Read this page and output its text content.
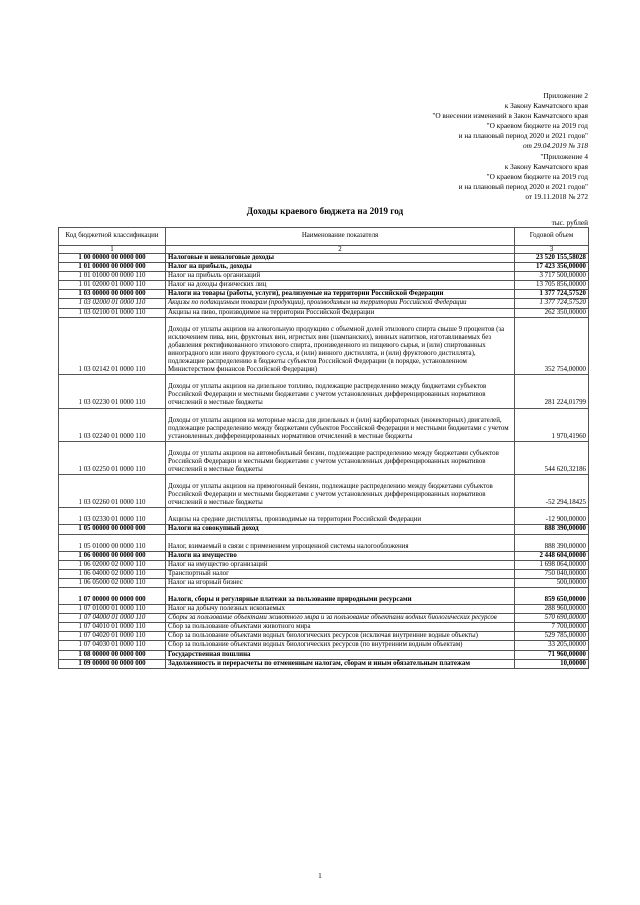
Приложение 2
к Закону Камчатского края
"О внесении изменений в Закон Камчатского края
"О краевом бюджете на 2019 год
и на плановый период 2020 и 2021 годов"
от 29.04.2019 № 318
"Приложение 4
к Закону Камчатского края
"О краевом бюджете на 2019 год
и на плановый период 2020 и 2021 годов"
от 19.11.2018 № 272
Доходы краевого бюджета на 2019 год
тыс. рублей
Код бюджетной классификации	Наименование показателя	Годовой объем
1	2	3
1 00 00000 00 0000 000	Налоговые и неналоговые доходы	23 520 155,58028
1 01 00000 00 0000 000	Налог на прибыль, доходы	17 423 356,00000
1 01 01000 00 0000 110	Налог на прибыль организаций	3 717 500,00000
1 01 02000 01 0000 110	Налог на доходы физических лиц	13 705 856,00000
1 03 00000 00 0000 000	Налоги на товары (работы, услуги), реализуемые на территории Российской Федерации	1 377 724,57520
1 03 02000 01 0000 110	Акцизы по подакцизным товарам (продукции), производимым на территории Российской Федерации	1 377 724,57520
1 03 02100 01 0000 110	Акцизы на пиво, производимое на территории Российской Федерации	262 350,00000
1 03 02142 01 0000 110	Доходы от уплаты акцизов на алкогольную продукцию с объемной долей этилового спирта свыше 9 процентов (за исключением пива, вин, фруктовых вин, игристых вин (шампанских), винных напитков, изготавливаемых без добавления ректификованного этилового спирта, произведенного из пищевого сырья, и (или) спиртованных виноградного или иного фруктового сусла, и (или) винного дистиллята, и (или) фруктового дистиллята), подлежащие распределению в бюджеты субъектов Российской Федерации (в порядке, установленном Министерством финансов Российской Федерации)	352 754,00000
1 03 02230 01 0000 110	Доходы от уплаты акцизов на дизельное топливо, подлежащие распределению между бюджетами субъектов Российской Федерации и местными бюджетами с учетом установленных дифференцированных нормативов отчислений в местные бюджеты	281 224,01799
1 03 02240 01 0000 110	Доходы от уплаты акцизов на моторные масла для дизельных и (или) карбюраторных (инжекторных) двигателей, подлежащие распределению между бюджетами субъектов Российской Федерации и местными бюджетами с учетом установленных дифференцированных нормативов отчислений в местные бюджеты	1 970,41960
1 03 02250 01 0000 110	Доходы от уплаты акцизов на автомобильный бензин, подлежащие распределению между бюджетами субъектов Российской Федерации и местными бюджетами с учетом установленных дифференцированных нормативов отчислений в местные бюджеты	544 620,32186
1 03 02260 01 0000 110	Доходы от уплаты акцизов на прямогонный бензин, подлежащие распределению между бюджетами субъектов Российской Федерации и местными бюджетами с учетом установленных дифференцированных нормативов отчислений в местные бюджеты	-52 294,18425
1 03 02330 01 0000 110	Акцизы на средние дистилляты, производимые на территории Российской Федерации	-12 900,00000
1 05 00000 00 0000 000	Налоги на совокупный доход	888 390,00000
1 05 01000 00 0000 110	Налог, взимаемый в связи с применением упрощенной системы налогообложения	888 390,00000
1 06 00000 00 0000 000	Налоги на имущество	2 448 604,00000
1 06 02000 02 0000 110	Налог на имущество организаций	1 698 064,00000
1 06 04000 02 0000 110	Транспортный налог	750 040,00000
1 06 05000 02 0000 110	Налог на игорный бизнес	500,00000
1 07 00000 00 0000 000	Налоги, сборы и регулярные платежи за пользование природными ресурсами	859 650,00000
1 07 01000 01 0000 110	Налог на добычу полезных ископаемых	288 960,00000
1 07 04000 01 0000 110	Сборы за пользование объектами животного мира и за пользование объектами водных биологических ресурсов	570 690,00000
1 07 04010 01 0000 110	Сбор за пользование объектами животного мира	7 700,00000
1 07 04020 01 0000 110	Сбор за пользование объектами водных биологических ресурсов (исключая внутренние водные объекты)	529 785,00000
1 07 04030 01 0000 110	Сбор за пользование объектами водных биологических ресурсов (по внутренним водным объектам)	33 205,00000
1 08 00000 00 0000 000	Государственная пошлина	71 960,00000
1 09 00000 00 0000 000	Задолженность и перерасчеты по отмененным налогам, сборам и иным обязательным платежам	10,00000
1
